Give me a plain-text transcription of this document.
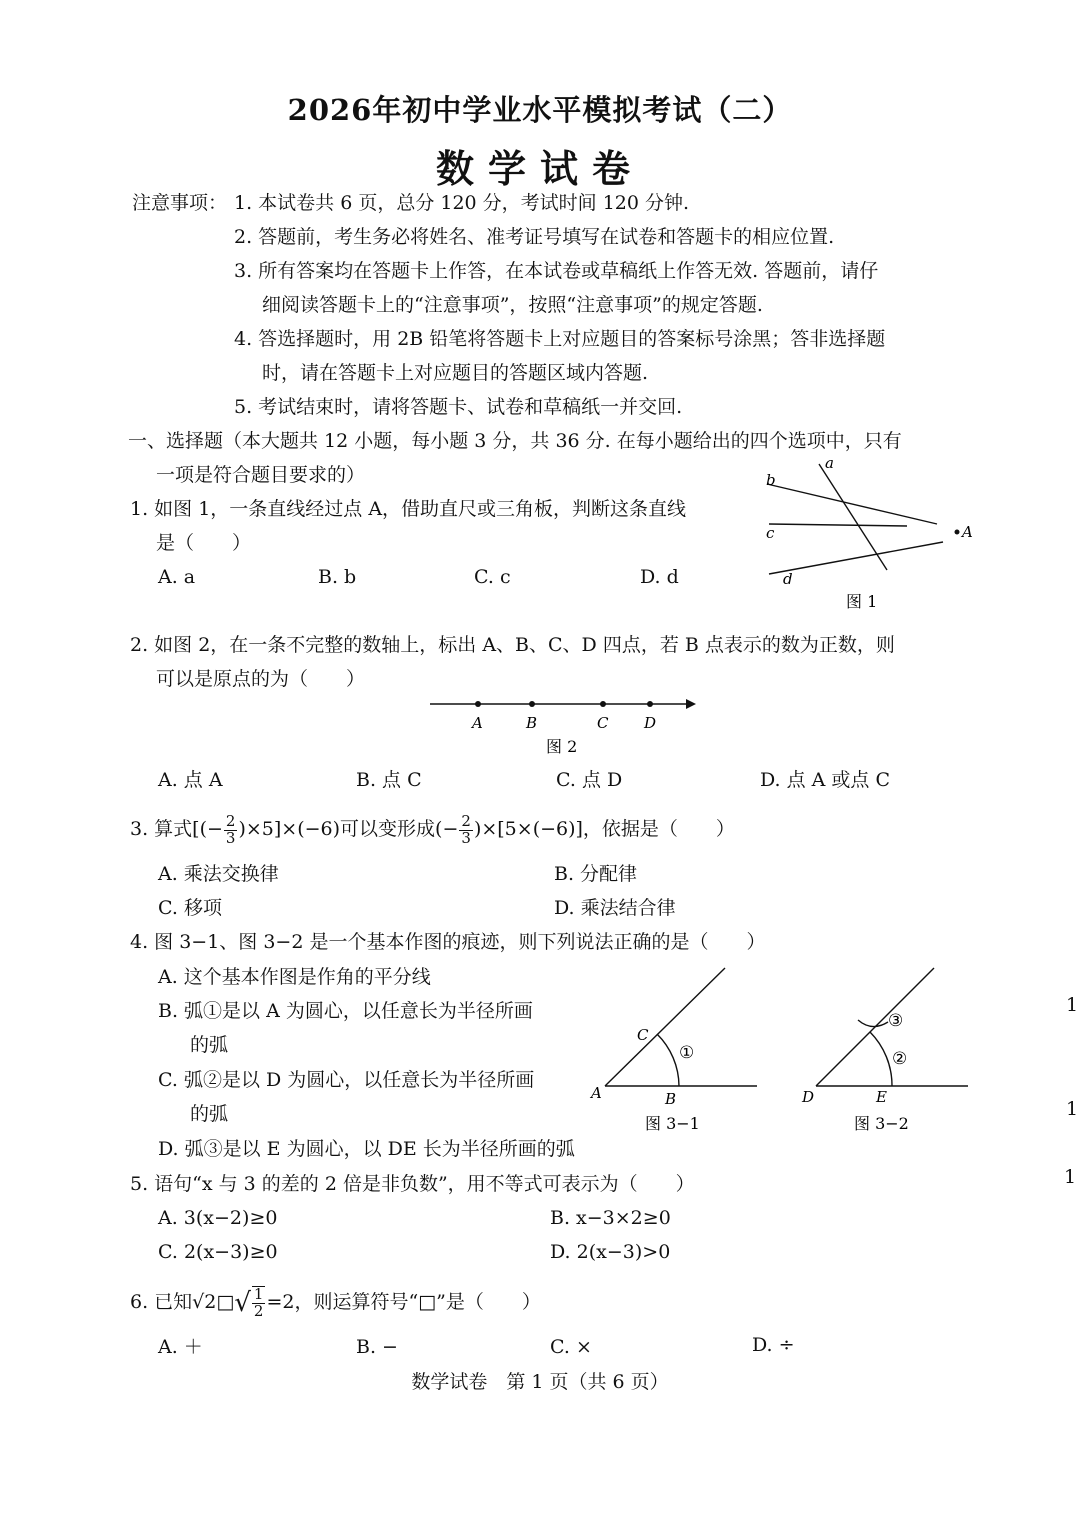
2026年初中学业水平模拟考试（二）
数学试卷
注意事项： 1. 本试卷共 6 页，总分 120 分，考试时间 120 分钟.
2. 答题前，考生务必将姓名、准考证号填写在试卷和答题卡的相应位置.
3. 所有答案均在答题卡上作答，在本试卷或草稿纸上作答无效. 答题前，请仔
细阅读答题卡上的“注意事项”，按照“注意事项”的规定答题.
4. 答选择题时，用 2B 铅笔将答题卡上对应题目的答案标号涂黑；答非选择题
时，请在答题卡上对应题目的答题区域内答题.
5. 考试结束时，请将答题卡、试卷和草稿纸一并交回.
一、选择题（本大题共 12 小题，每小题 3 分，共 36 分. 在每小题给出的四个选项中，只有
一项是符合题目要求的）
1. 如图 1，一条直线经过点 A，借助直尺或三角板，判断这条直线
是（　　）
A. a	B. b	C. c	D. d
a
b
c
d
A
图 1
2. 如图 2，在一条不完整的数轴上，标出 A、B、C、D 四点，若 B 点表示的数为正数，则
可以是原点的为（　　）
A	B	C D
图 2
A. 点 A	B. 点 C	C. 点 D	D. 点 A 或点 C
3. 算式[(− $\frac{2}{3} )\times 5]\times(-6)$可以变形成(− $\frac{2}{3} )\times[5\times(-6)]$，依据是（　　）
A. 乘法交换律	B. 分配律
C. 移项	D. 乘法结合律
4. 图 3−1、图 3−2 是一个基本作图的痕迹，则下列说法正确的是（　　）
A. 这个基本作图是作角的平分线
B. 弧①是以 A 为圆心，以任意长为半径所画
的弧
C. 弧②是以 D 为圆心，以任意长为半径所画
的弧
D. 弧③是以 E 为圆心，以 DE 长为半径所画的弧
C
A	B
①
图 3−1
D	E
③
②
图 3−2
5. 语句“x 与 3 的差的 2 倍是非负数”，用不等式可表示为（　　）
A. 3(x−2)≥0	B. x−3×2≥0
C. 2(x−3)≥0	D. 2(x−3)>0
6. 已知√2□√ $\frac{1}{2} =2$，则运算符号“□”是（　　）
A. ＋	B. −	C. ×	D. ÷
1
1
1
数学试卷　第 1 页（共 6 页）
